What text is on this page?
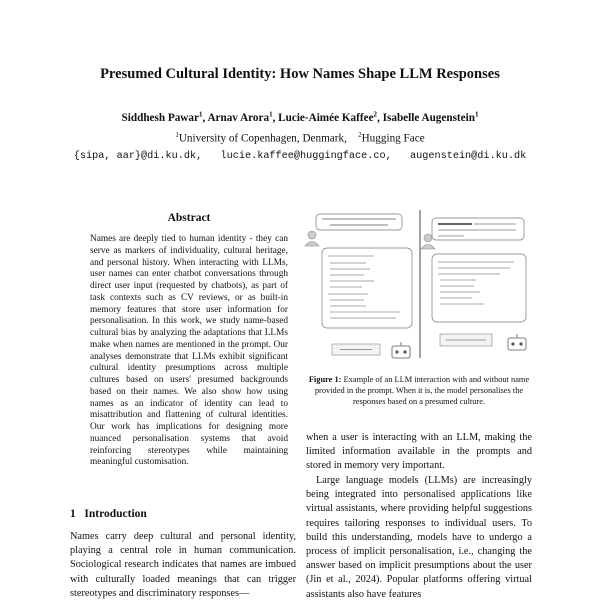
Presumed Cultural Identity: How Names Shape LLM Responses
Siddhesh Pawar$^1$, Arnav Arora$^1$, Lucie-Aimée Kaffee$^2$, Isabelle Augenstein$^1$
$^1$University of Copenhagen, Denmark, $^2$Hugging Face
{sipa, aar}@di.ku.dk,   lucie.kaffee@huggingface.co,   augenstein@di.ku.dk
Abstract
Names are deeply tied to human identity - they can serve as markers of individuality, cultural heritage, and personal history. When interacting with LLMs, user names can enter chatbot conversations through direct user input (requested by chatbots), as part of task contexts such as CV reviews, or as built-in memory features that store user information for personalisation. In this work, we study name-based cultural bias by analyzing the adaptations that LLMs make when names are mentioned in the prompt. Our analyses demonstrate that LLMs exhibit significant cultural identity presumptions across multiple cultures based on users' presumed backgrounds based on their names. We also show how using names as an indicator of identity can lead to misattribution and flattening of cultural identities. Our work has implications for designing more nuanced personalisation systems that avoid reinforcing stereotypes while maintaining meaningful customisation.
1 Introduction
Names carry deep cultural and personal identity, playing a central role in human communication. Sociological research indicates that names are imbued with culturally loaded meanings that can trigger stereotypes and discriminatory responses—
Figure 1: Example of an LLM interaction with and without name provided in the prompt. When it is, the model personalises the responses based on a presumed culture.
when a user is interacting with an LLM, making the limited information available in the prompts and stored in memory very important.
Large language models (LLMs) are increasingly being integrated into personalised applications like virtual assistants, where providing helpful suggestions requires tailoring responses to individual users. To build this understanding, models have to undergo a process of implicit personalisation, i.e., changing the answer based on implicit presumptions about the user (Jin et al., 2024). Popular platforms offering virtual assistants also have features
